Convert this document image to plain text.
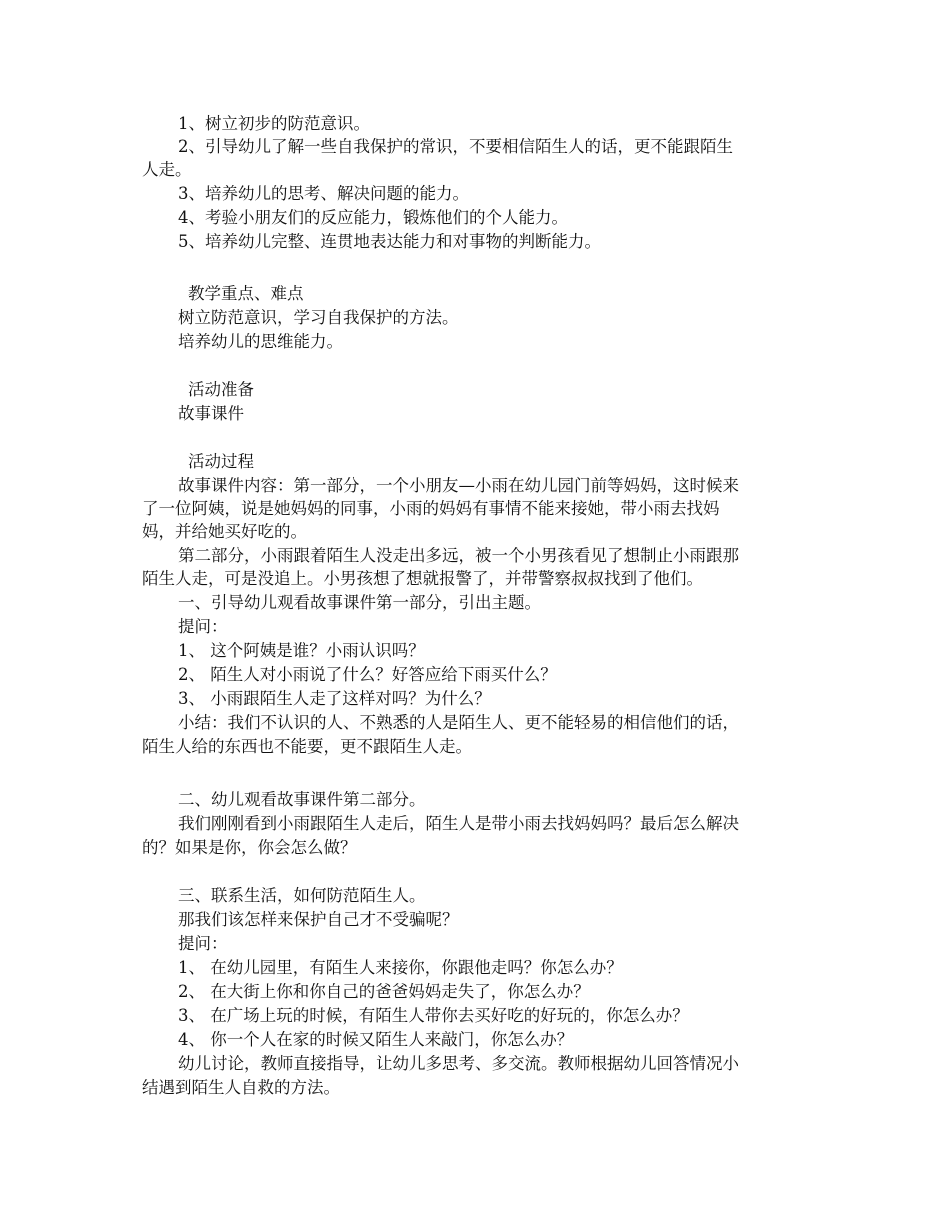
1、树立初步的防范意识。
2、引导幼儿了解一些自我保护的常识，不要相信陌生人的话，更不能跟陌生
人走。
3、培养幼儿的思考、解决问题的能力。
4、考验小朋友们的反应能力，锻炼他们的个人能力。
5、培养幼儿完整、连贯地表达能力和对事物的判断能力。
教学重点、难点
树立防范意识，学习自我保护的方法。
培养幼儿的思维能力。
活动准备
故事课件
活动过程
故事课件内容：第一部分，一个小朋友—小雨在幼儿园门前等妈妈，这时候来
了一位阿姨，说是她妈妈的同事，小雨的妈妈有事情不能来接她，带小雨去找妈
妈，并给她买好吃的。
第二部分，小雨跟着陌生人没走出多远，被一个小男孩看见了想制止小雨跟那
陌生人走，可是没追上。小男孩想了想就报警了，并带警察叔叔找到了他们。
一、引导幼儿观看故事课件第一部分，引出主题。
提问：
1、 这个阿姨是谁？小雨认识吗？
2、 陌生人对小雨说了什么？好答应给下雨买什么？
3、 小雨跟陌生人走了这样对吗？为什么？
小结：我们不认识的人、不熟悉的人是陌生人、更不能轻易的相信他们的话，
陌生人给的东西也不能要，更不跟陌生人走。
二、幼儿观看故事课件第二部分。
我们刚刚看到小雨跟陌生人走后，陌生人是带小雨去找妈妈吗？最后怎么解决
的？如果是你，你会怎么做？
三、联系生活，如何防范陌生人。
那我们该怎样来保护自己才不受骗呢？
提问：
1、 在幼儿园里，有陌生人来接你，你跟他走吗？你怎么办？
2、 在大街上你和你自己的爸爸妈妈走失了，你怎么办？
3、 在广场上玩的时候，有陌生人带你去买好吃的好玩的，你怎么办？
4、 你一个人在家的时候又陌生人来敲门，你怎么办？
幼儿讨论，教师直接指导，让幼儿多思考、多交流。教师根据幼儿回答情况小
结遇到陌生人自救的方法。
